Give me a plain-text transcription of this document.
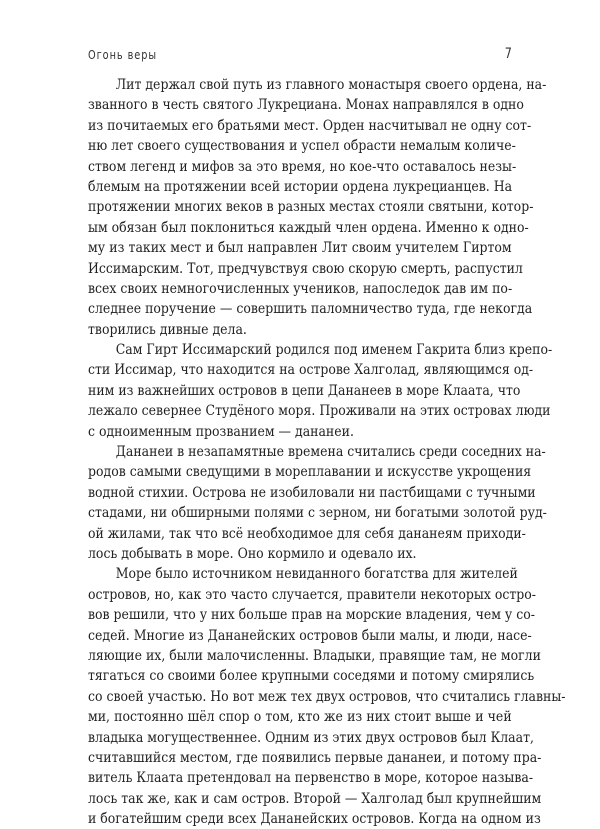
Огонь веры	7
Лит держал свой путь из главного монастыря своего ордена, на-
званного в честь святого Лукрециана. Монах направлялся в одно
из почитаемых его братьями мест. Орден насчитывал не одну сот-
ню лет своего существования и успел обрасти немалым количе-
ством легенд и мифов за это время, но кое-что оставалось незы-
блемым на протяжении всей истории ордена лукрецианцев. На
протяжении многих веков в разных местах стояли святыни, котор-
ым обязан был поклониться каждый член ордена. Именно к одно-
му из таких мест и был направлен Лит своим учителем Гиртом
Иссимарским. Тот, предчувствуя свою скорую смерть, распустил
всех своих немногочисленных учеников, напоследок дав им по-
следнее поручение — совершить паломничество туда, где некогда
творились дивные дела.
Сам Гирт Иссимарский родился под именем Гакрита близ крепо-
сти Иссимар, что находится на острове Халголад, являющимся од-
ним из важнейших островов в цепи Дананеев в море Клаата, что
лежало севернее Студёного моря. Проживали на этих островах люди
с одноименным прозванием — дананеи.
Дананеи в незапамятные времена считались среди соседних на-
родов самыми сведущими в мореплавании и искусстве укрощения
водной стихии. Острова не изобиловали ни пастбищами с тучными
стадами, ни обширными полями с зерном, ни богатыми золотой руд-
ой жилами, так что всё необходимое для себя дананеям приходи-
лось добывать в море. Оно кормило и одевало их.
Море было источником невиданного богатства для жителей
островов, но, как это часто случается, правители некоторых остро-
вов решили, что у них больше прав на морские владения, чем у со-
седей. Многие из Дананейских островов были малы, и люди, насе-
ляющие их, были малочисленны. Владыки, правящие там, не могли
тягаться со своими более крупными соседями и потому смирялись
со своей участью. Но вот меж тех двух островов, что считались главны-
ми, постоянно шёл спор о том, кто же из них стоит выше и чей
владыка могущественнее. Одним из этих двух островов был Клаат,
считавшийся местом, где появились первые дананеи, и потому пра-
витель Клаата претендовал на первенство в море, которое называ-
лось так же, как и сам остров. Второй — Халголад был крупнейшим
и богатейшим среди всех Дананейских островов. Когда на одном из
